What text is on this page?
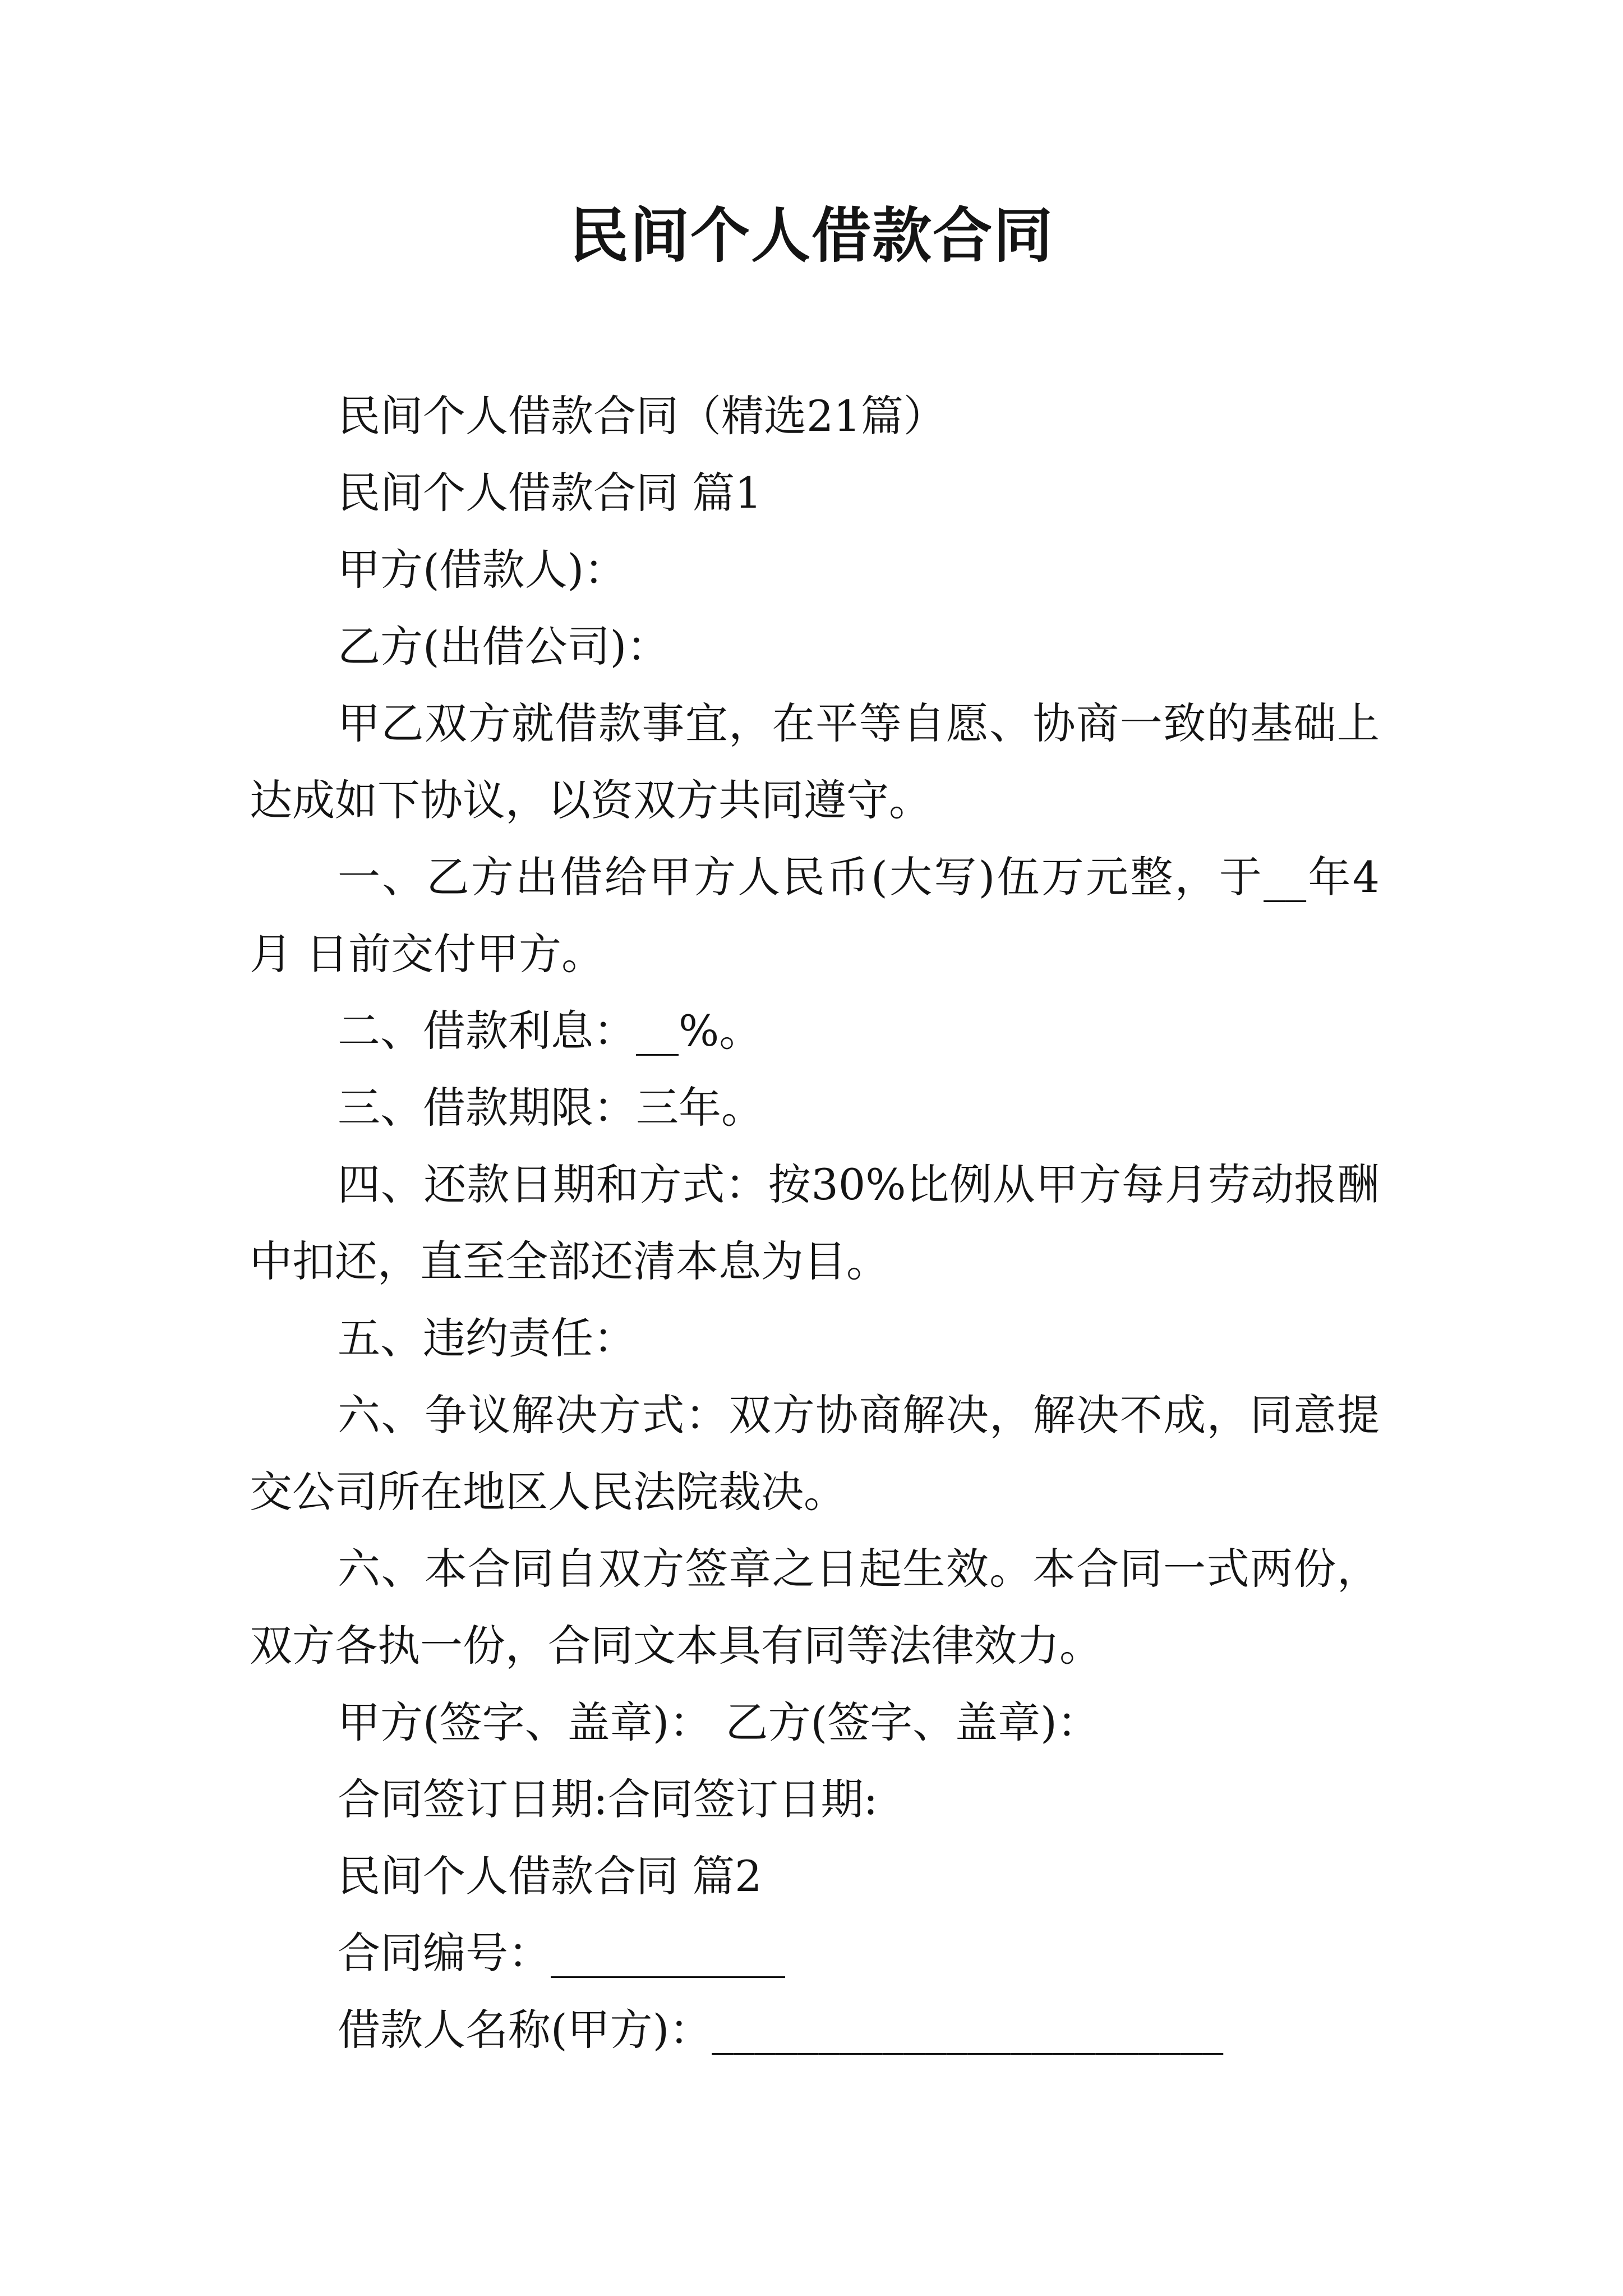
民间个人借款合同
民间个人借款合同（精选21篇）
民间个人借款合同 篇1
甲方(借款人)：
乙方(出借公司)：
甲乙双方就借款事宜，在平等自愿、协商一致的基础上
达成如下协议，以资双方共同遵守。
一、乙方出借给甲方人民币(大写)伍万元整，于__年4
月 日前交付甲方。
二、借款利息：__%。
三、借款期限：三年。
四、还款日期和方式：按30%比例从甲方每月劳动报酬
中扣还，直至全部还清本息为目。
五、违约责任：
六、争议解决方式：双方协商解决，解决不成，同意提
交公司所在地区人民法院裁决。
六、本合同自双方签章之日起生效。本合同一式两份，
双方各执一份，合同文本具有同等法律效力。
甲方(签字、盖章)： 乙方(签字、盖章)：
合同签订日期:合同签订日期:
民间个人借款合同 篇2
合同编号：___________
借款人名称(甲方)：________________________
